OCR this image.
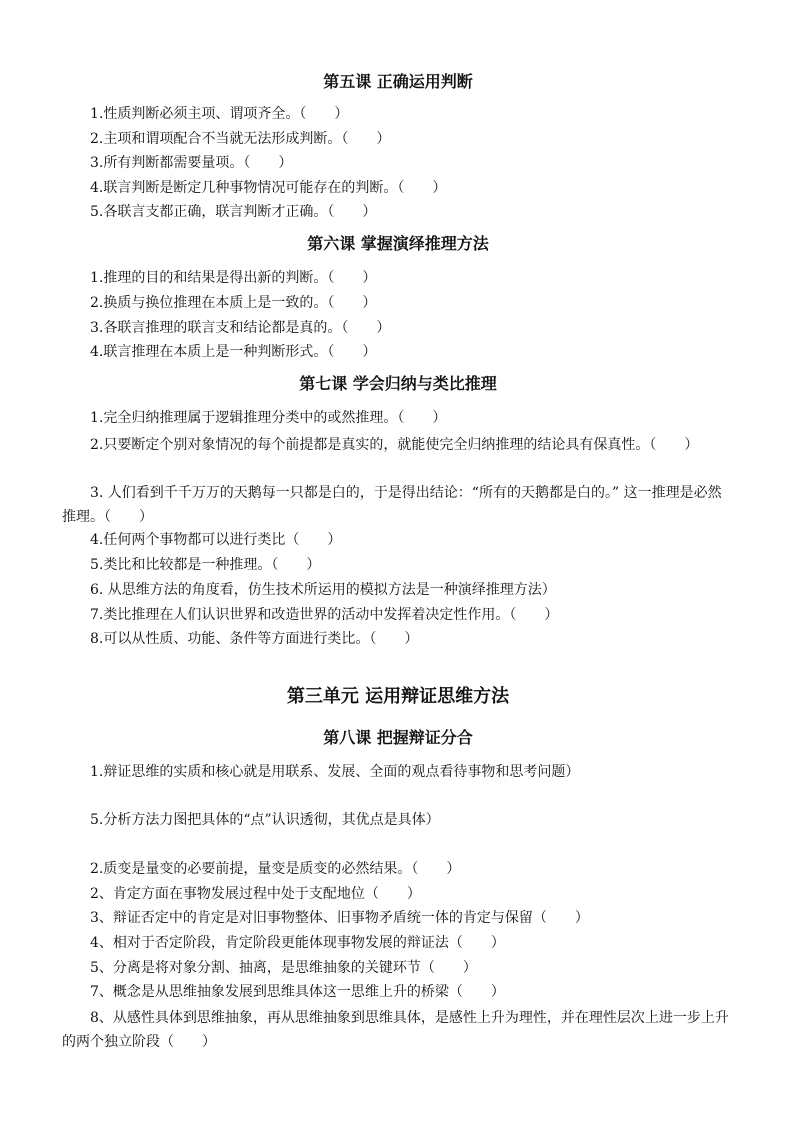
第五课 正确运用判断
1.性质判断必须主项、谓项齐全。（　　）
2.主项和谓项配合不当就无法形成判断。（　　）
3.所有判断都需要量项。（　　）
4.联言判断是断定几种事物情况可能存在的判断。（　　）
5.各联言支都正确，联言判断才正确。（　　）
第六课 掌握演绎推理方法
1.推理的目的和结果是得出新的判断。（　　）
2.换质与换位推理在本质上是一致的。（　　）
3.各联言推理的联言支和结论都是真的。（　　）
4.联言推理在本质上是一种判断形式。（　　）
第七课 学会归纳与类比推理
1.完全归纳推理属于逻辑推理分类中的或然推理。（　　）
2.只要断定个别对象情况的每个前提都是真实的，就能使完全归纳推理的结论具有保真性。（　　）
3. 人们看到千千万万的天鹅每一只都是白的，于是得出结论：“所有的天鹅都是白的。” 这一推理是必然推理。（　　）
4.任何两个事物都可以进行类比（　　）
5.类比和比较都是一种推理。（　　）
6. 从思维方法的角度看，仿生技术所运用的模拟方法是一种演绎推理方法）
7.类比推理在人们认识世界和改造世界的活动中发挥着决定性作用。（　　）
8.可以从性质、功能、条件等方面进行类比。（　　）
第三单元 运用辩证思维方法
第八课 把握辩证分合
1.辩证思维的实质和核心就是用联系、发展、全面的观点看待事物和思考问题）
5.分析方法力图把具体的“点”认识透彻，其优点是具体）
2.质变是量变的必要前提，量变是质变的必然结果。（　　）
2、肯定方面在事物发展过程中处于支配地位（　　）
3、辩证否定中的肯定是对旧事物整体、旧事物矛盾统一体的肯定与保留（　　）
4、相对于否定阶段，肯定阶段更能体现事物发展的辩证法（　　）
5、分离是将对象分割、抽离，是思维抽象的关键环节（　　）
7、概念是从思维抽象发展到思维具体这一思维上升的桥梁（　　）
8、从感性具体到思维抽象，再从思维抽象到思维具体，是感性上升为理性，并在理性层次上进一步上升的两个独立阶段（　　）
